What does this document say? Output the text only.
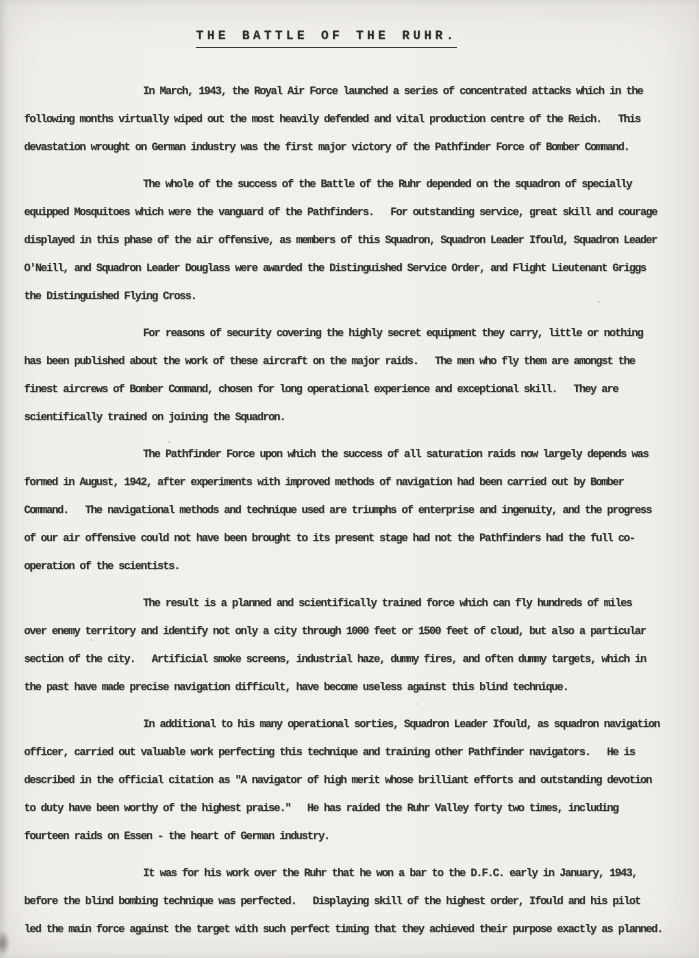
THE BATTLE OF THE RUHR.

In March, 1943, the Royal Air Force launched a series of concentrated attacks which in the
following months virtually wiped out the most heavily defended and vital production centre of the Reich.   This
devastation wrought on German industry was the first major victory of the Pathfinder Force of Bomber Command.

The whole of the success of the Battle of the Ruhr depended on the squadron of specially
equipped Mosquitoes which were the vanguard of the Pathfinders.   For outstanding service, great skill and courage
displayed in this phase of the air offensive, as members of this Squadron, Squadron Leader Ifould, Squadron Leader
O'Neill, and Squadron Leader Douglass were awarded the Distinguished Service Order, and Flight Lieutenant Griggs
the Distinguished Flying Cross.

For reasons of security covering the highly secret equipment they carry, little or nothing
has been published about the work of these aircraft on the major raids.   The men who fly them are amongst the
finest aircrews of Bomber Command, chosen for long operational experience and exceptional skill.   They are
scientifically trained on joining the Squadron.

The Pathfinder Force upon which the success of all saturation raids now largely depends was
formed in August, 1942, after experiments with improved methods of navigation had been carried out by Bomber
Command.   The navigational methods and technique used are triumphs of enterprise and ingenuity, and the progress
of our air offensive could not have been brought to its present stage had not the Pathfinders had the full co-
operation of the scientists.

The result is a planned and scientifically trained force which can fly hundreds of miles
over enemy territory and identify not only a city through 1000 feet or 1500 feet of cloud, but also a particular
section of the city.   Artificial smoke screens, industrial haze, dummy fires, and often dummy targets, which in
the past have made precise navigation difficult, have become useless against this blind technique.

In additional to his many operational sorties, Squadron Leader Ifould, as squadron navigation
officer, carried out valuable work perfecting this technique and training other Pathfinder navigators.   He is
described in the official citation as "A navigator of high merit whose brilliant efforts and outstanding devotion
to duty have been worthy of the highest praise."   He has raided the Ruhr Valley forty two times, including
fourteen raids on Essen - the heart of German industry.

It was for his work over the Ruhr that he won a bar to the D.F.C. early in January, 1943,
before the blind bombing technique was perfected.   Displaying skill of the highest order, Ifould and his pilot
led the main force against the target with such perfect timing that they achieved their purpose exactly as planned.
